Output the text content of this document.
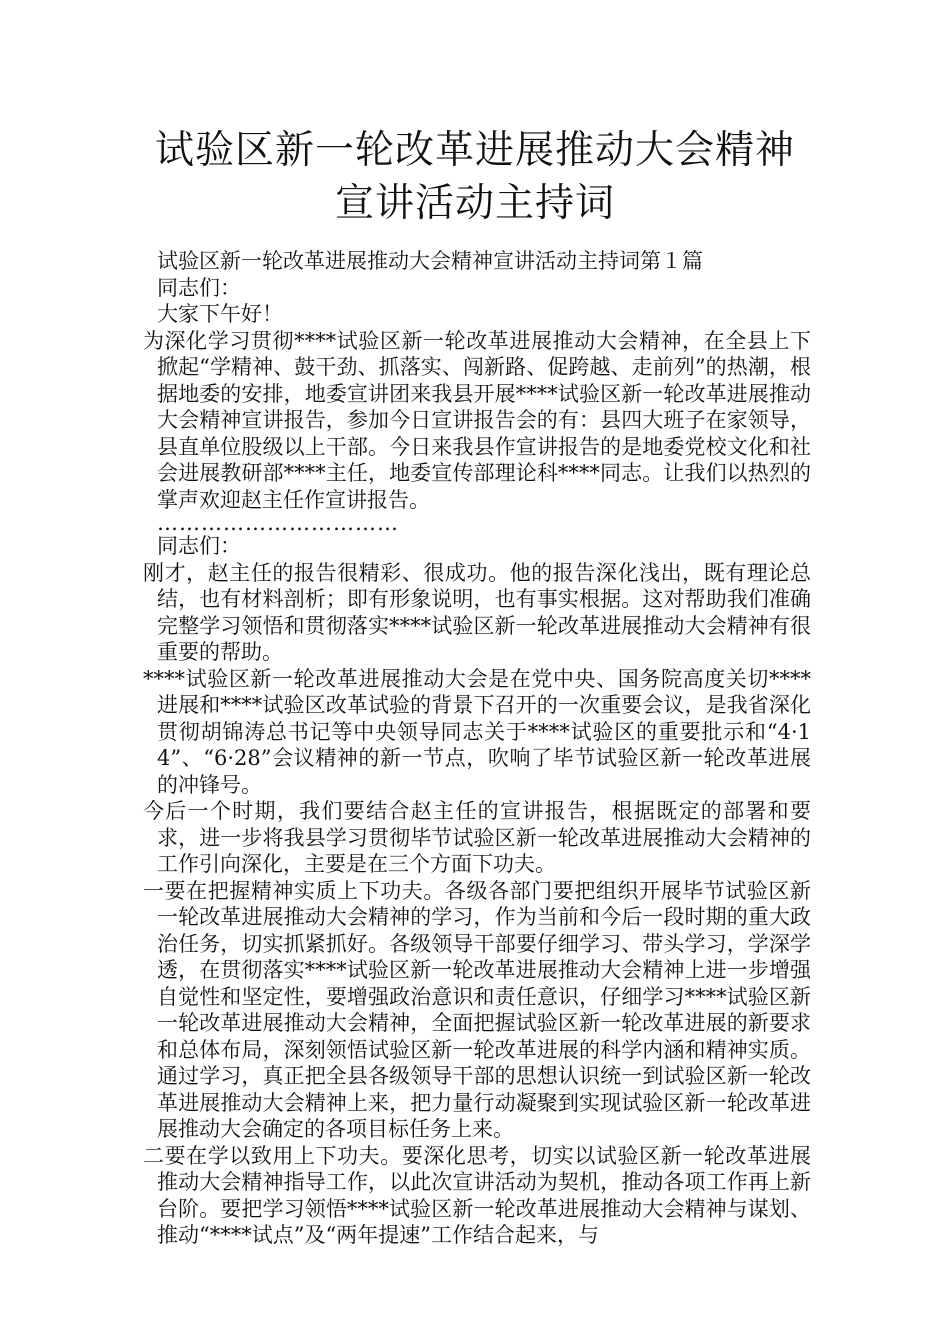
试验区新一轮改革进展推动大会精神宣讲活动主持词

试验区新一轮改革进展推动大会精神宣讲活动主持词第１篇

同志们：

大家下午好！

为深化学习贯彻****试验区新一轮改革进展推动大会精神，在全县上下掀起“学精神、鼓干劲、抓落实、闯新路、促跨越、走前列”的热潮，根据地委的安排，地委宣讲团来我县开展****试验区新一轮改革进展推动大会精神宣讲报告，参加今日宣讲报告会的有：县四大班子在家领导，县直单位股级以上干部。今日来我县作宣讲报告的是地委党校文化和社会进展教研部****主任，地委宣传部理论科****同志。让我们以热烈的掌声欢迎赵主任作宣讲报告。

……………………………

同志们：

刚才，赵主任的报告很精彩、很成功。他的报告深化浅出，既有理论总结，也有材料剖析；即有形象说明，也有事实根据。这对帮助我们准确完整学习领悟和贯彻落实****试验区新一轮改革进展推动大会精神有很重要的帮助。

****试验区新一轮改革进展推动大会是在党中央、国务院高度关切****进展和****试验区改革试验的背景下召开的一次重要会议，是我省深化贯彻胡锦涛总书记等中央领导同志关于****试验区的重要批示和“4·14”、“6·28”会议精神的新一节点，吹响了毕节试验区新一轮改革进展的冲锋号。

今后一个时期，我们要结合赵主任的宣讲报告，根据既定的部署和要求，进一步将我县学习贯彻毕节试验区新一轮改革进展推动大会精神的工作引向深化，主要是在三个方面下功夫。

一要在把握精神实质上下功夫。各级各部门要把组织开展毕节试验区新一轮改革进展推动大会精神的学习，作为当前和今后一段时期的重大政治任务，切实抓紧抓好。各级领导干部要仔细学习、带头学习，学深学透，在贯彻落实****试验区新一轮改革进展推动大会精神上进一步增强自觉性和坚定性，要增强政治意识和责任意识，仔细学习****试验区新一轮改革进展推动大会精神，全面把握试验区新一轮改革进展的新要求和总体布局，深刻领悟试验区新一轮改革进展的科学内涵和精神实质。通过学习，真正把全县各级领导干部的思想认识统一到试验区新一轮改革进展推动大会精神上来，把力量行动凝聚到实现试验区新一轮改革进展推动大会确定的各项目标任务上来。

二要在学以致用上下功夫。要深化思考，切实以试验区新一轮改革进展推动大会精神指导工作，以此次宣讲活动为契机，推动各项工作再上新台阶。要把学习领悟****试验区新一轮改革进展推动大会精神与谋划、推动“****试点”及“两年提速”工作结合起来，与
